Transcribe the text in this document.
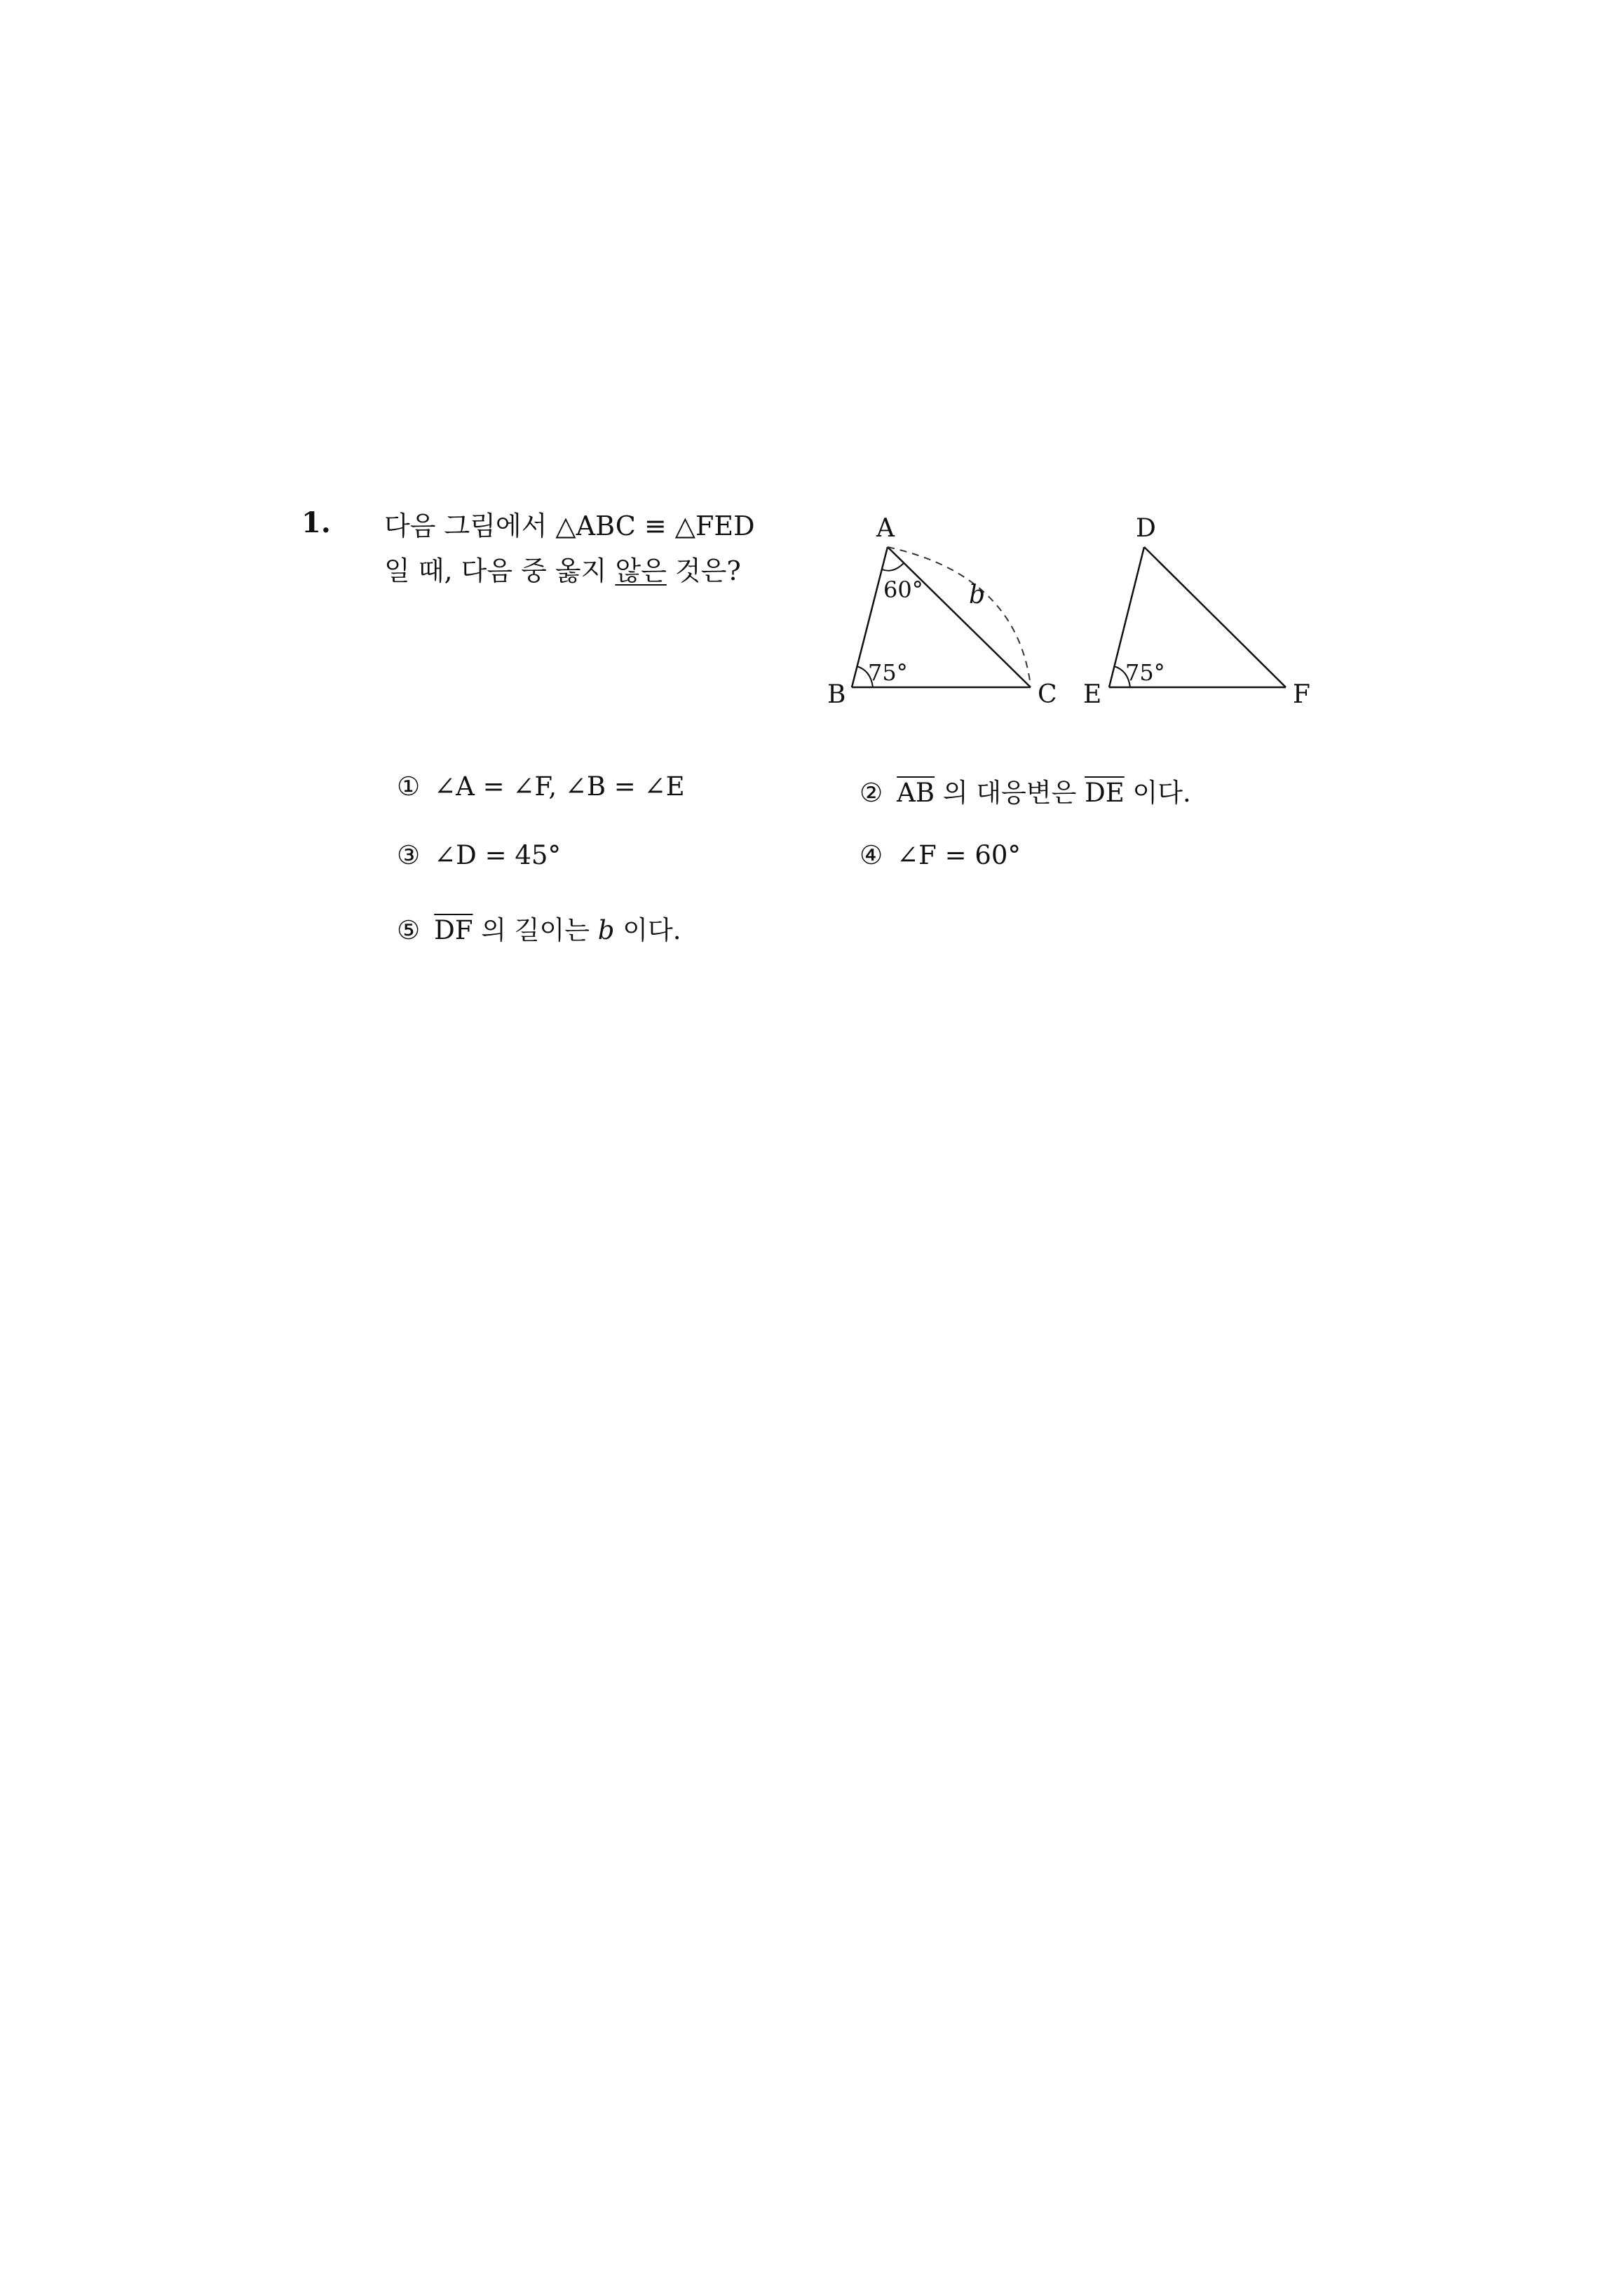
1. 다음 그림에서 △ABC ≡ △FED
일 때, 다음 중 옳지 않은 것은?
A
B	C
60°
75°
b
D
E	F
75°
① ∠A = ∠F, ∠B = ∠E	② $\overline{AB}$ 의 대응변은 $\overline{DE}$ 이다.
③ ∠D = 45°	④ ∠F = 60°
⑤ $\overline{DF}$ 의 길이는 b 이다.
